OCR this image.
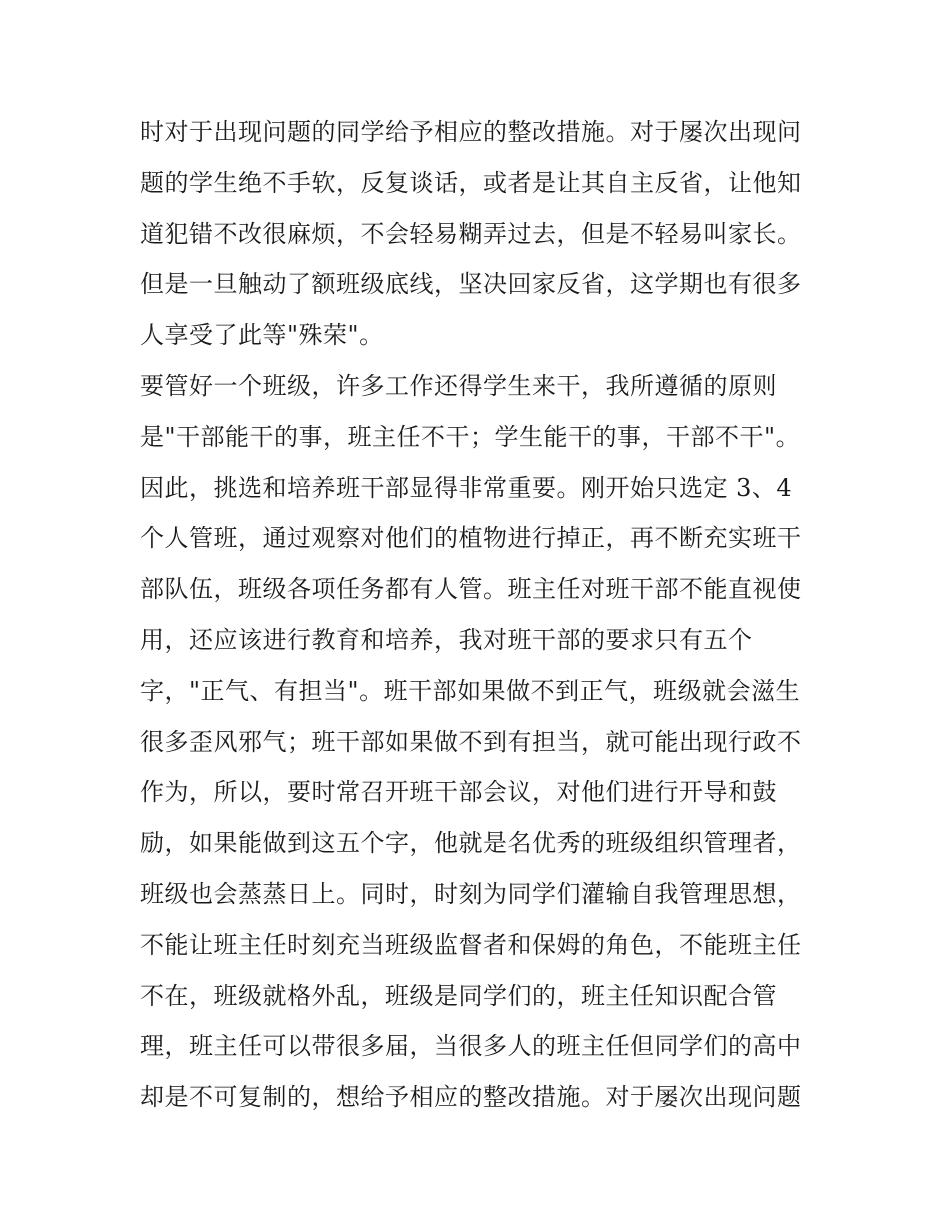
时对于出现问题的同学给予相应的整改措施。对于屡次出现问
题的学生绝不手软，反复谈话，或者是让其自主反省，让他知
道犯错不改很麻烦，不会轻易糊弄过去，但是不轻易叫家长。
但是一旦触动了额班级底线，坚决回家反省，这学期也有很多
人享受了此等"殊荣"。
要管好一个班级，许多工作还得学生来干，我所遵循的原则
是"干部能干的事，班主任不干；学生能干的事，干部不干"。
因此，挑选和培养班干部显得非常重要。刚开始只选定 3、4
个人管班，通过观察对他们的植物进行掉正，再不断充实班干
部队伍，班级各项任务都有人管。班主任对班干部不能直视使
用，还应该进行教育和培养，我对班干部的要求只有五个
字，"正气、有担当"。班干部如果做不到正气，班级就会滋生
很多歪风邪气；班干部如果做不到有担当，就可能出现行政不
作为，所以，要时常召开班干部会议，对他们进行开导和鼓
励，如果能做到这五个字，他就是名优秀的班级组织管理者，
班级也会蒸蒸日上。同时，时刻为同学们灌输自我管理思想，
不能让班主任时刻充当班级监督者和保姆的角色，不能班主任
不在，班级就格外乱，班级是同学们的，班主任知识配合管
理，班主任可以带很多届，当很多人的班主任但同学们的高中
却是不可复制的，想给予相应的整改措施。对于屡次出现问题
